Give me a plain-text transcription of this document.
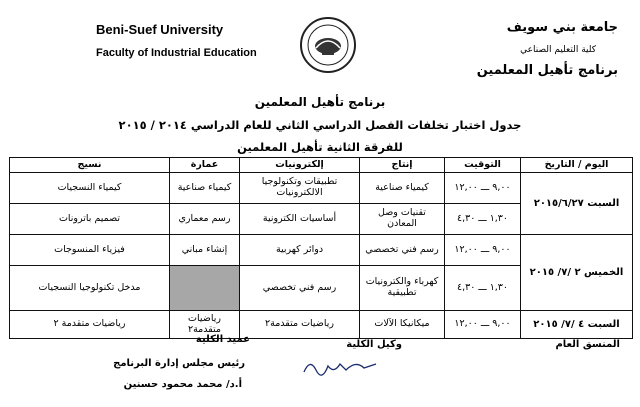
Beni-Suef University
Faculty of Industrial Education
جامعة بني سويف
كلية التعليم الصناعي
برنامج تأهيل المعلمين
برنامج تأهيل المعلمين
جدول اختبار تخلفات الفصل الدراسي الثاني للعام الدراسي ٢٠١٤ / ٢٠١٥
للفرقة الثانية تأهيل المعلمين
اليوم / التاريخ	التوقيت	إنتاج	إلكترونيات	عمارة	نسيج
السبت ٢٠١٥/٦/٢٧	٩,٠٠ ـــ ١٢,٠٠	كيمياء صناعية	تطبيقات وتكنولوجيا الالكترونيات	كيمياء صناعية	كيمياء النسجيات
	١,٣٠ ـــ ٤,٣٠	تقنيات وصل المعادن	أساسيات الكترونية	رسم معماري	تصميم باترونات
الخميس ٢ /٧/ ٢٠١٥	٩,٠٠ ـــ ١٢,٠٠	رسم فني تخصصي	دوائر كهربية	إنشاء مباني	فيزياء المنسوجات
	١,٣٠ ـــ ٤,٣٠	كهرباء والكترونيات تطبيقية	رسم فني تخصصي		مدخل تكنولوجيا النسجيات
السبت ٤ /٧/ ٢٠١٥	٩,٠٠ ـــ ١٢,٠٠	ميكانيكا الآلات	رياضيات متقدمة٢	رياضيات متقدمة٢	رياضيات متقدمة ٢
المنسق العام
وكيل الكلية
عميد الكلية
رئيس مجلس إدارة البرنامج
أ.د/ محمد محمود حسنين
